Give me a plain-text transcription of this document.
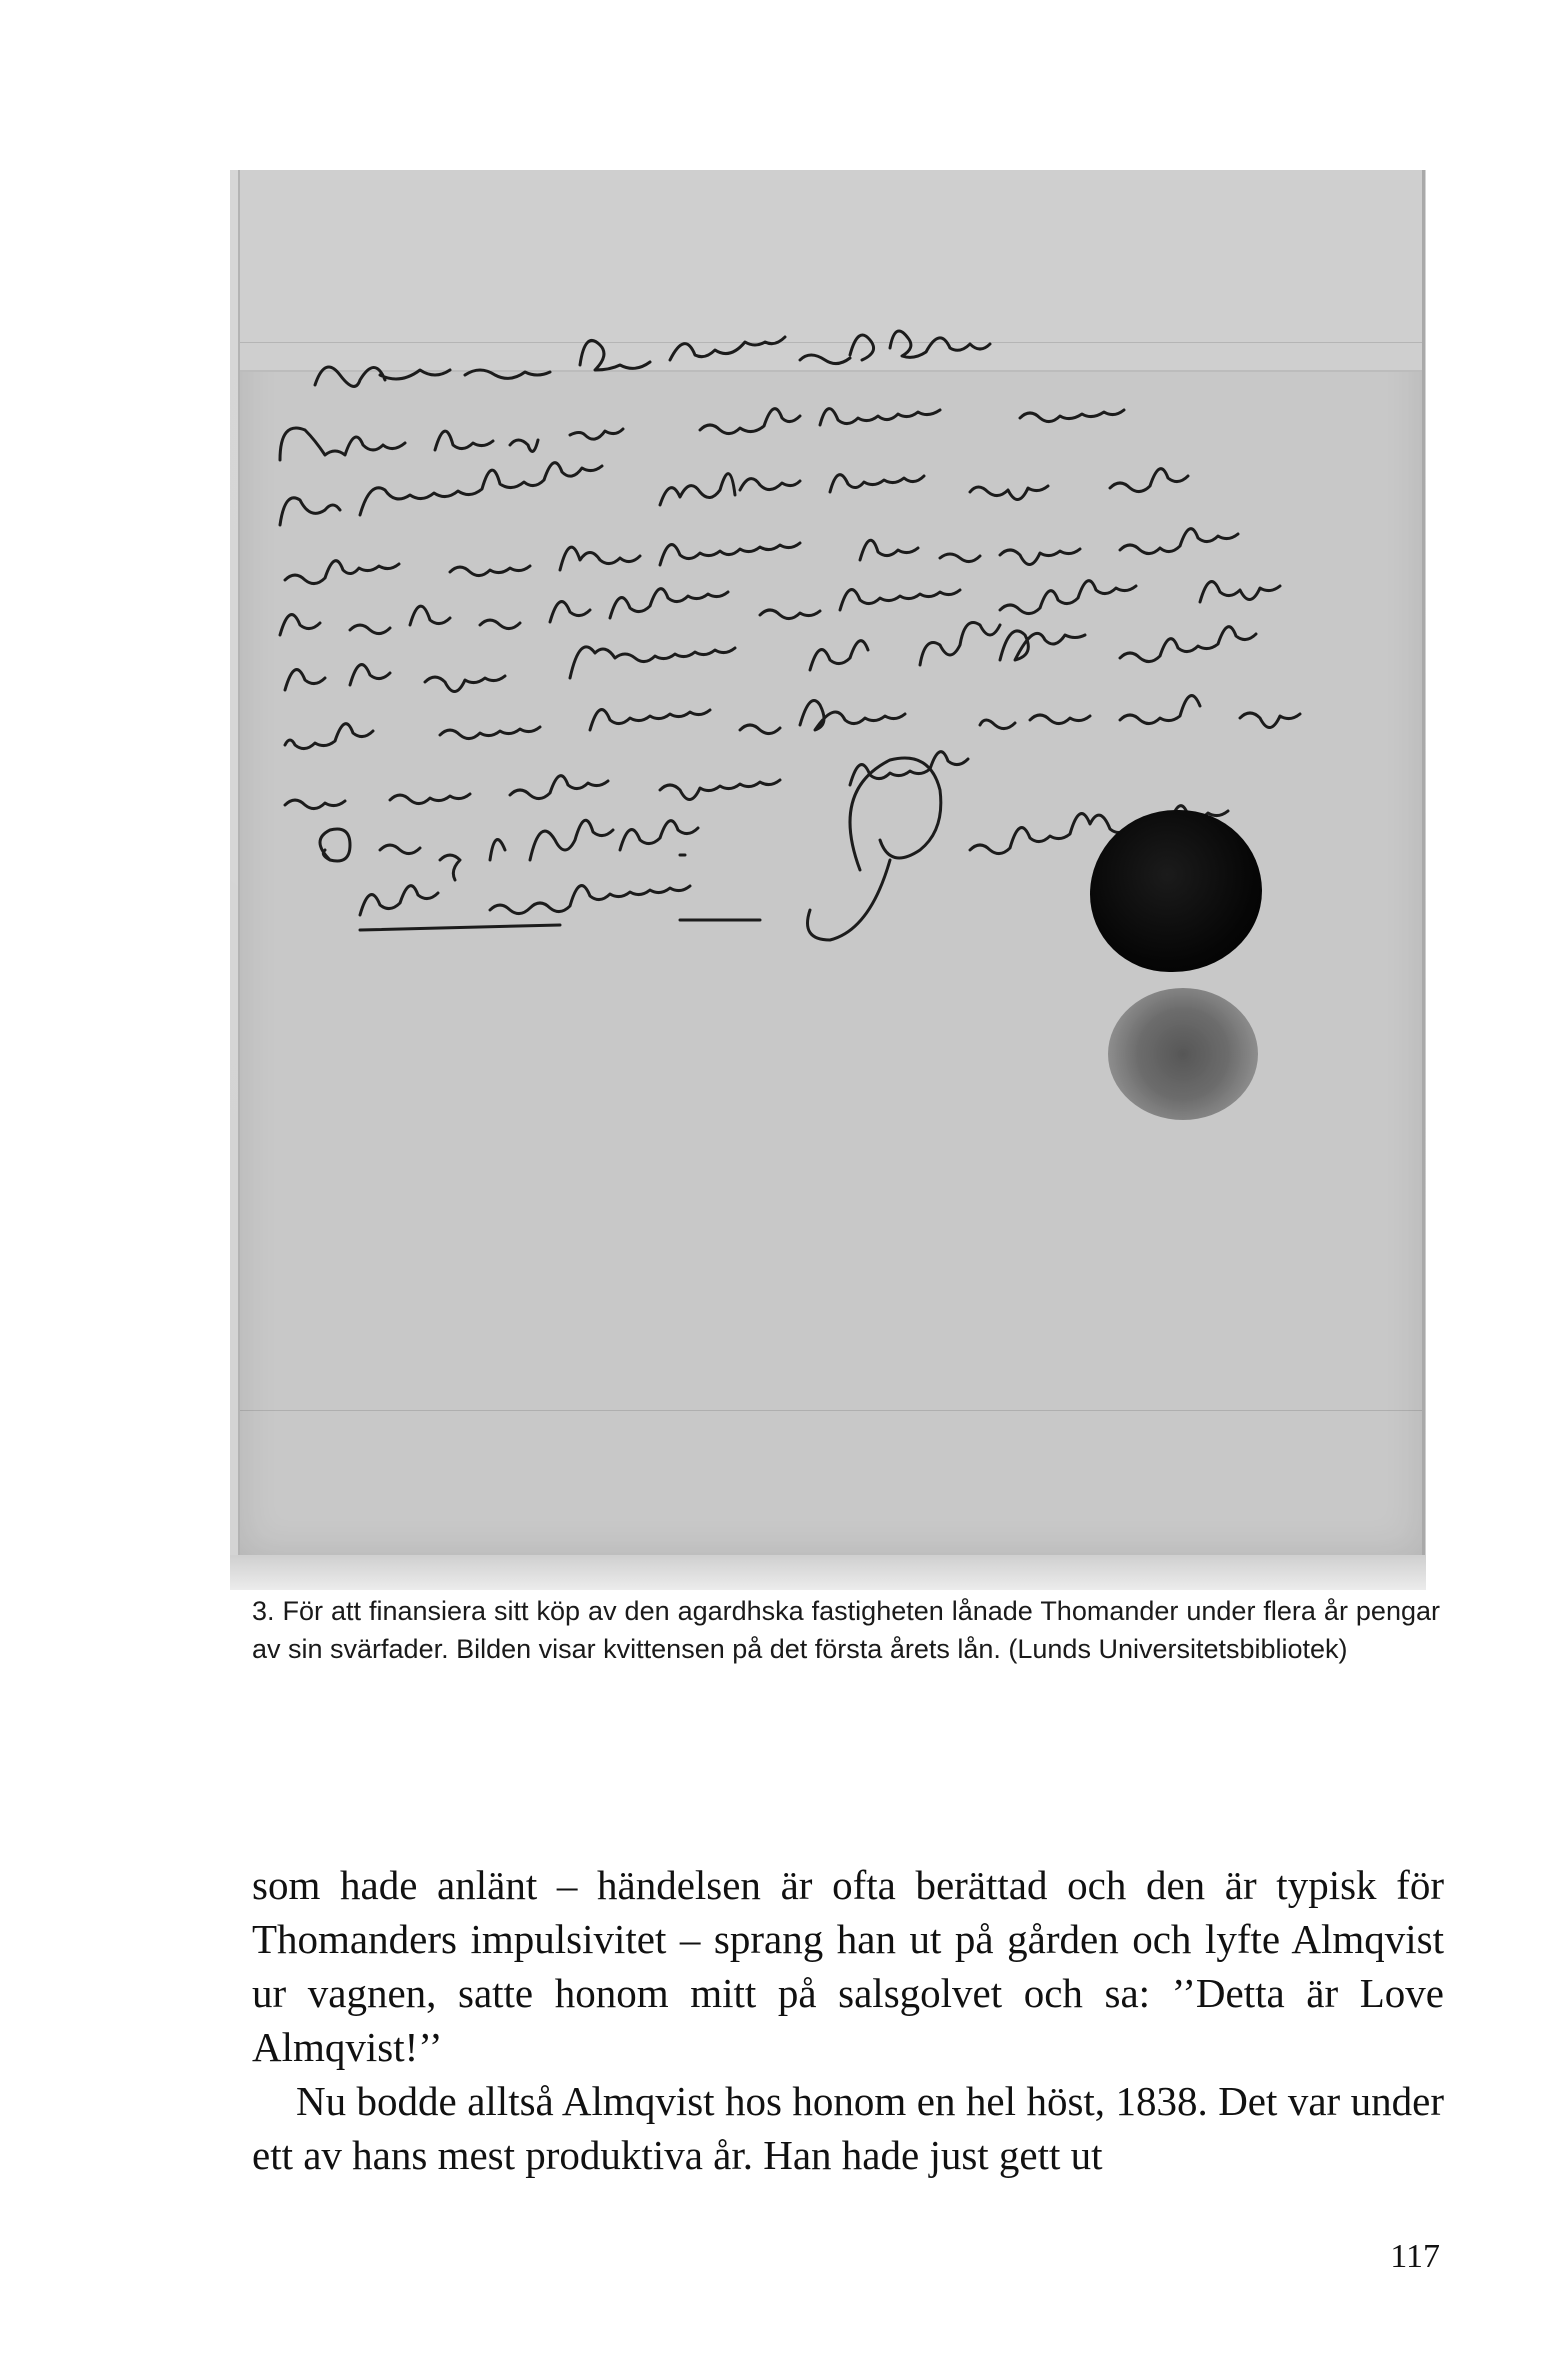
3. För att finansiera sitt köp av den agardhska fastigheten lånade Thomander under flera år pengar av sin svärfader. Bilden visar kvittensen på det första årets lån. (Lunds Universitetsbibliotek)

som hade anlänt – händelsen är ofta berättad och den är typisk för Thomanders impulsivitet – sprang han ut på gården och lyfte Almqvist ur vagnen, satte honom mitt på salsgolvet och sa: ’’Detta är Love Almqvist!’’

Nu bodde alltså Almqvist hos honom en hel höst, 1838. Det var under ett av hans mest produktiva år. Han hade just gett ut

117
